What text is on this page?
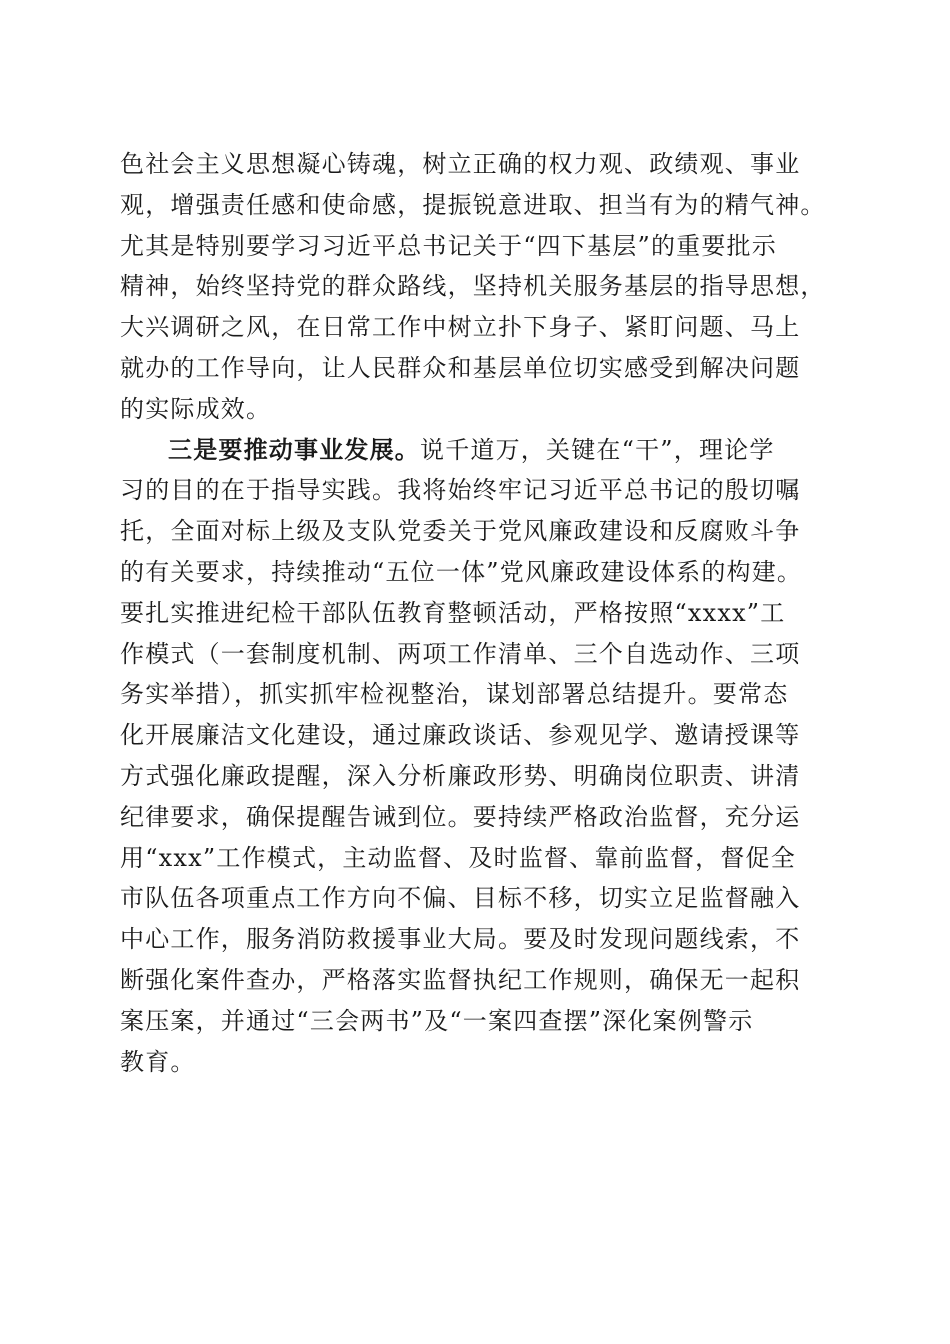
色社会主义思想凝心铸魂，树立正确的权力观、政绩观、事业
观，增强责任感和使命感，提振锐意进取、担当有为的精气神。
尤其是特别要学习习近平总书记关于“四下基层”的重要批示
精神，始终坚持党的群众路线，坚持机关服务基层的指导思想，
大兴调研之风，在日常工作中树立扑下身子、紧盯问题、马上
就办的工作导向，让人民群众和基层单位切实感受到解决问题
的实际成效。
三是要推动事业发展。说千道万，关键在“干”，理论学
习的目的在于指导实践。我将始终牢记习近平总书记的殷切嘱
托，全面对标上级及支队党委关于党风廉政建设和反腐败斗争
的有关要求，持续推动“五位一体”党风廉政建设体系的构建。
要扎实推进纪检干部队伍教育整顿活动，严格按照“xxxx”工
作模式（一套制度机制、两项工作清单、三个自选动作、三项
务实举措），抓实抓牢检视整治，谋划部署总结提升。要常态
化开展廉洁文化建设，通过廉政谈话、参观见学、邀请授课等
方式强化廉政提醒，深入分析廉政形势、明确岗位职责、讲清
纪律要求，确保提醒告诫到位。要持续严格政治监督，充分运
用“xxx”工作模式，主动监督、及时监督、靠前监督，督促全
市队伍各项重点工作方向不偏、目标不移，切实立足监督融入
中心工作，服务消防救援事业大局。要及时发现问题线索，不
断强化案件查办，严格落实监督执纪工作规则，确保无一起积
案压案，并通过“三会两书”及“一案四查摆”深化案例警示
教育。
